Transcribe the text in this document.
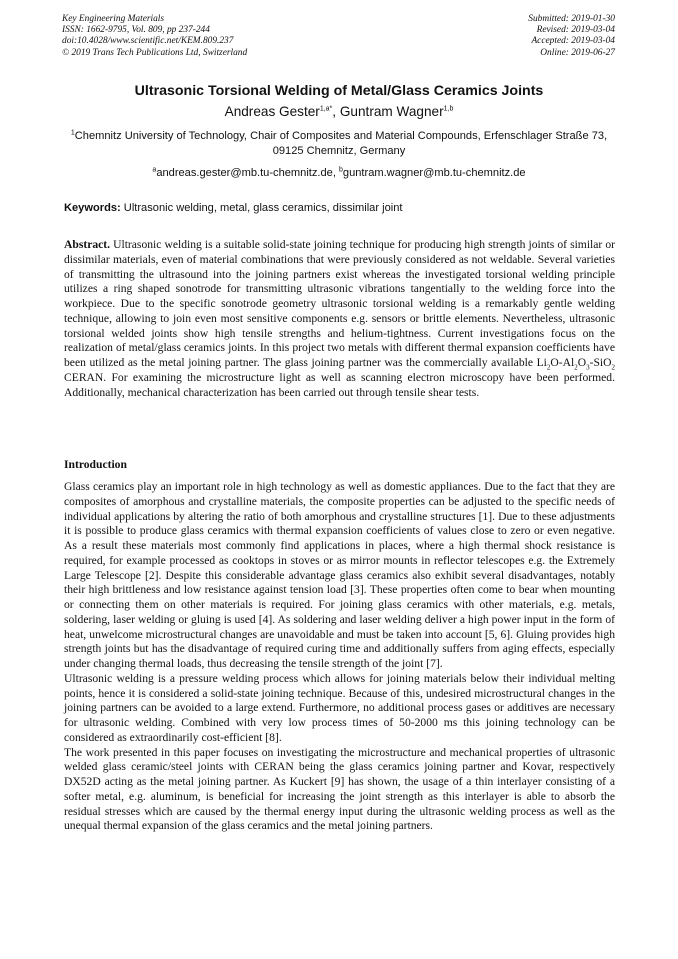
Key Engineering Materials
ISSN: 1662-9795, Vol. 809, pp 237-244
doi:10.4028/www.scientific.net/KEM.809.237
© 2019 Trans Tech Publications Ltd, Switzerland
Submitted: 2019-01-30
Revised: 2019-03-04
Accepted: 2019-03-04
Online: 2019-06-27
Ultrasonic Torsional Welding of Metal/Glass Ceramics Joints
Andreas Gester$^{1,a*}$, Guntram Wagner$^{1,b}$
$^1$Chemnitz University of Technology, Chair of Composites and Material Compounds, Erfenschlager Straße 73, 09125 Chemnitz, Germany
$^a$andreas.gester@mb.tu-chemnitz.de, $^b$guntram.wagner@mb.tu-chemnitz.de
Keywords: Ultrasonic welding, metal, glass ceramics, dissimilar joint
Abstract. Ultrasonic welding is a suitable solid-state joining technique for producing high strength joints of similar or dissimilar materials, even of material combinations that were previously considered as not weldable. Several varieties of transmitting the ultrasound into the joining partners exist whereas the investigated torsional welding principle utilizes a ring shaped sonotrode for transmitting ultrasonic vibrations tangentially to the welding force into the workpiece. Due to the specific sonotrode geometry ultrasonic torsional welding is a remarkably gentle welding technique, allowing to join even most sensitive components e.g. sensors or brittle elements. Nevertheless, ultrasonic torsional welded joints show high tensile strengths and helium-tightness. Current investigations focus on the realization of metal/glass ceramics joints. In this project two metals with different thermal expansion coefficients have been utilized as the metal joining partner. The glass joining partner was the commercially available $Li_2O-Al_2O_3-SiO_2$ CERAN. For examining the microstructure light as well as scanning electron microscopy have been performed. Additionally, mechanical characterization has been carried out through tensile shear tests.
Introduction

Glass ceramics play an important role in high technology as well as domestic appliances. Due to the fact that they are composites of amorphous and crystalline materials, the composite properties can be adjusted to the specific needs of individual applications by altering the ratio of both amorphous and crystalline structures [1]. Due to these adjustments it is possible to produce glass ceramics with thermal expansion coefficients of values close to zero or even negative. As a result these materials most commonly find applications in places, where a high thermal shock resistance is required, for example processed as cooktops in stoves or as mirror mounts in reflector telescopes e.g. the Extremely Large Telescope [2]. Despite this considerable advantage glass ceramics also exhibit several disadvantages, notably their high brittleness and low resistance against tension load [3]. These properties often come to bear when mounting or connecting them on other materials is required. For joining glass ceramics with other materials, e.g. metals, soldering, laser welding or gluing is used [4]. As soldering and laser welding deliver a high power input in the form of heat, unwelcome microstructural changes are unavoidable and must be taken into account [5, 6]. Gluing provides high strength joints but has the disadvantage of required curing time and additionally suffers from aging effects, especially under changing thermal loads, thus decreasing the tensile strength of the joint [7].

Ultrasonic welding is a pressure welding process which allows for joining materials below their individual melting points, hence it is considered a solid-state joining technique. Because of this, undesired microstructural changes in the joining partners can be avoided to a large extend. Furthermore, no additional process gases or additives are necessary for ultrasonic welding. Combined with very low process times of 50-2000 ms this joining technology can be considered as extraordinarily cost-efficient [8].

The work presented in this paper focuses on investigating the microstructure and mechanical properties of ultrasonic welded glass ceramic/steel joints with CERAN being the glass ceramics joining partner and Kovar, respectively DX52D acting as the metal joining partner. As Kuckert [9] has shown, the usage of a thin interlayer consisting of a softer metal, e.g. aluminum, is beneficial for increasing the joint strength as this interlayer is able to absorb the residual stresses which are caused by the thermal energy input during the ultrasonic welding process as well as the unequal thermal expansion of the glass ceramics and the metal joining partners.
